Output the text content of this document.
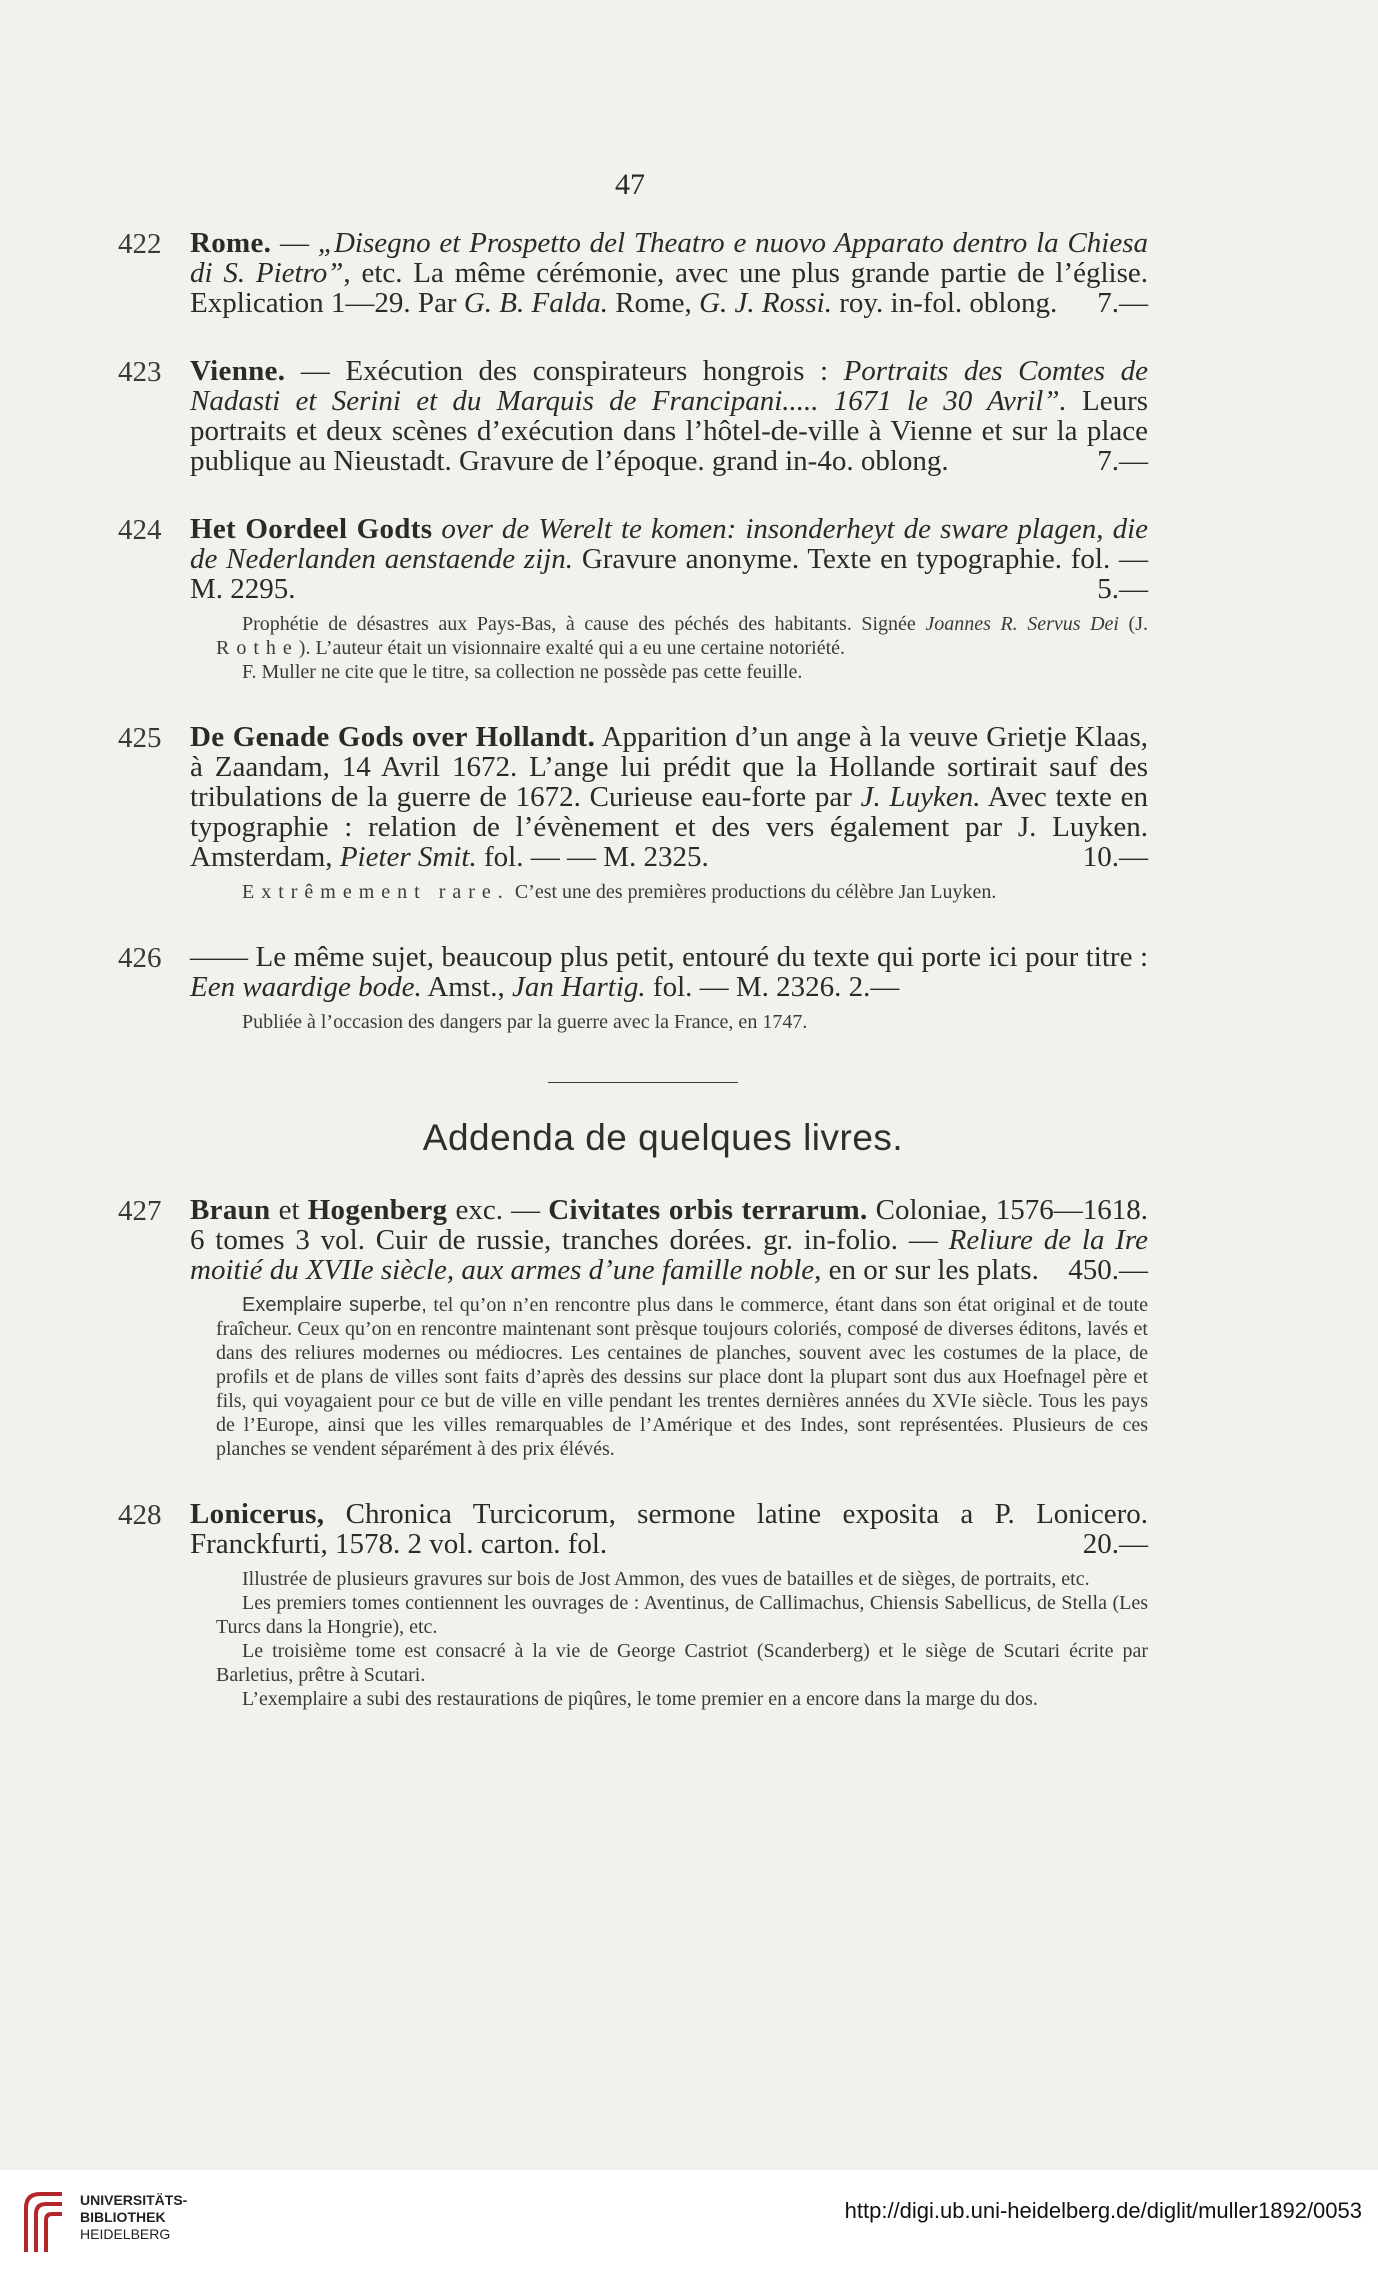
47
422 Rome. — „Disegno et Prospetto del Theatro e nuovo Apparato dentro la Chiesa di S. Pietro”, etc. La même cérémonie, avec une plus grande partie de l’église. Explication 1—29. Par G. B. Falda. Rome, G. J. Rossi. roy. in-fol. oblong. 7.—

423 Vienne. — Exécution des conspirateurs hongrois : Portraits des Comtes de Nadasti et Serini et du Marquis de Francipani..... 1671 le 30 Avril”. Leurs portraits et deux scènes d’exécution dans l’hôtel-de-ville à Vienne et sur la place publique au Nieustadt. Gravure de l’époque. grand in-4o. oblong.	7.—

424 Het Oordeel Godts over de Werelt te komen: insonderheyt de sware plagen, die de Nederlanden aenstaende zijn. Gravure anonyme. Texte en typographie. fol. — M. 2295.	5.—

Prophétie de désastres aux Pays-Bas, à cause des péchés des habitants. Signée Joannes R. Servus Dei (J. Rothe). L’auteur était un visionnaire exalté qui a eu une certaine notoriété.

F. Muller ne cite que le titre, sa collection ne possède pas cette feuille.

425 De Genade Gods over Hollandt. Apparition d’un ange à la veuve Grietje Klaas, à Zaandam, 14 Avril 1672. L’ange lui prédit que la Hollande sortirait sauf des tribulations de la guerre de 1672. Curieuse eau-forte par J. Luyken. Avec texte en typographie : relation de l’évènement et des vers également par J. Luyken. Amsterdam, Pieter Smit. fol. — — M. 2325.	10.—

Extrêmement rare. C’est une des premières productions du célèbre Jan Luyken.

426 —— Le même sujet, beaucoup plus petit, entouré du texte qui porte ici pour titre : Een waardige bode. Amst., Jan Hartig. fol. — M. 2326. 2.—

Publiée à l’occasion des dangers par la guerre avec la France, en 1747.

Addenda de quelques livres.
427 Braun et Hogenberg exc. — Civitates orbis terrarum. Coloniae, 1576—1618. 6 tomes 3 vol. Cuir de russie, tranches dorées. gr. in-folio. — Reliure de la Ire moitié du XVIIe siècle, aux armes d’une famille noble, en or sur les plats. 450.—

Exemplaire superbe, tel qu’on n’en rencontre plus dans le commerce, étant dans son état original et de toute fraîcheur. Ceux qu’on en rencontre maintenant sont prèsque toujours coloriés, composé de diverses éditons, lavés et dans des reliures modernes ou médiocres. Les centaines de planches, souvent avec les costumes de la place, de profils et de plans de villes sont faits d’après des dessins sur place dont la plupart sont dus aux Hoefnagel père et fils, qui voyagaient pour ce but de ville en ville pendant les trentes dernières années du XVIe siècle. Tous les pays de l’Europe, ainsi que les villes remarquables de l’Amérique et des Indes, sont représentées. Plusieurs de ces planches se vendent séparément à des prix élévés.

428 Lonicerus, Chronica Turcicorum, sermone latine exposita a P. Lonicero. Franckfurti, 1578. 2 vol. carton. fol.	20.—

Illustrée de plusieurs gravures sur bois de Jost Ammon, des vues de batailles et de sièges, de portraits, etc.

Les premiers tomes contiennent les ouvrages de : Aventinus, de Callimachus, Chiensis Sabellicus, de Stella (Les Turcs dans la Hongrie), etc.

Le troisième tome est consacré à la vie de George Castriot (Scanderberg) et le siège de Scutari écrite par Barletius, prêtre à Scutari.

L’exemplaire a subi des restaurations de piqûres, le tome premier en a encore dans la marge du dos.

UNIVERSITÄTS-
BIBLIOTHEK
HEIDELBERG
http://digi.ub.uni-heidelberg.de/diglit/muller1892/0053
